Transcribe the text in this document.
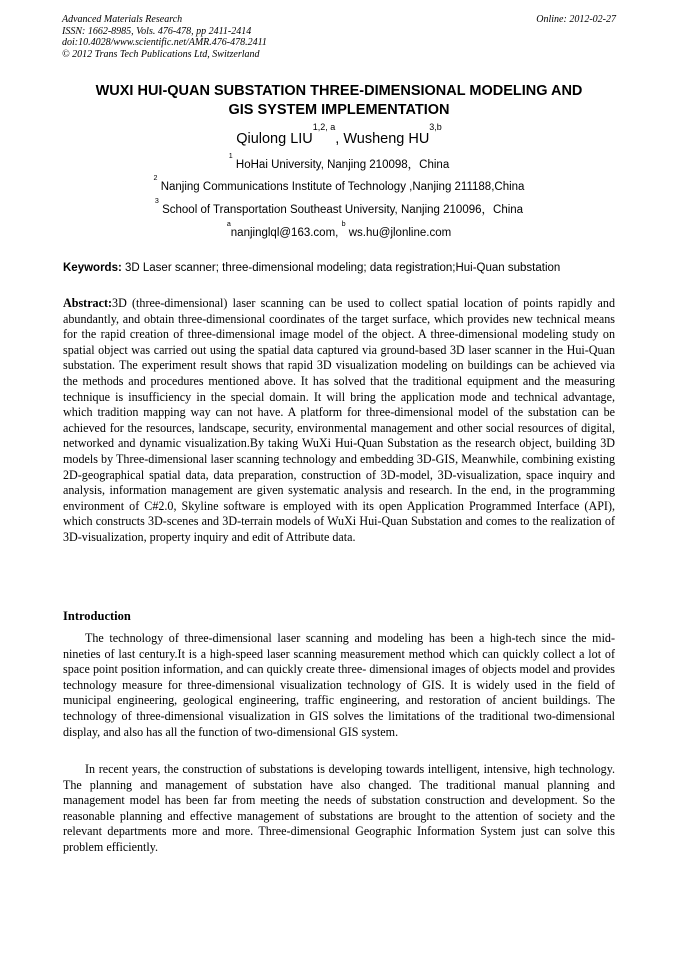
Advanced Materials Research
ISSN: 1662-8985, Vols. 476-478, pp 2411-2414
doi:10.4028/www.scientific.net/AMR.476-478.2411
© 2012 Trans Tech Publications Ltd, Switzerland
Online: 2012-02-27
WUXI HUI-QUAN SUBSTATION THREE-DIMENSIONAL MODELING AND
GIS SYSTEM IMPLEMENTATION
Qiulong LIU$^{1,2, a}$, Wusheng HU$^{3,b}$
$^1$ HoHai University, Nanjing 210098，China
$^2$ Nanjing Communications Institute of Technology ,Nanjing 211188,China
$^3$ School of Transportation Southeast University, Nanjing 210096，China
$^a$nanjinglql@163.com, $^b$ ws.hu@jlonline.com
Keywords: 3D Laser scanner; three-dimensional modeling; data registration;Hui-Quan substation
Abstract:3D (three-dimensional) laser scanning can be used to collect spatial location of points rapidly and abundantly, and obtain three-dimensional coordinates of the target surface, which provides new technical means for the rapid creation of three-dimensional image model of the object. A three-dimensional modeling study on spatial object was carried out using the spatial data captured via ground-based 3D laser scanner in the Hui-Quan substation. The experiment result shows that rapid 3D visualization modeling on buildings can be achieved via the methods and procedures mentioned above. It has solved that the traditional equipment and the measuring technique is insufficiency in the special domain. It will bring the application mode and technical advantage, which tradition mapping way can not have. A platform for three-dimensional model of the substation can be achieved for the resources, landscape, security, environmental management and other social resources of digital, networked and dynamic visualization.By taking WuXi Hui-Quan Substation as the research object, building 3D models by Three-dimensional laser scanning technology and embedding 3D-GIS, Meanwhile, combining existing 2D-geographical spatial data, data preparation, construction of 3D-model, 3D-visualization, space inquiry and analysis, information management are given systematic analysis and research. In the end, in the programming environment of C#2.0, Skyline software is employed with its open Application Programmed Interface (API), which constructs 3D-scenes and 3D-terrain models of WuXi Hui-Quan Substation and comes to the realization of 3D-visualization, property inquiry and edit of Attribute data.
Introduction

The technology of three-dimensional laser scanning and modeling has been a high-tech since the mid-nineties of last century.It is a high-speed laser scanning measurement method which can quickly collect a lot of space point position information, and can quickly create three- dimensional images of objects model and provides technology measure for three-dimensional visualization technology of GIS. It is widely used in the field of municipal engineering, geological engineering, traffic engineering, and restoration of ancient buildings. The technology of three-dimensional visualization in GIS solves the limitations of the traditional two-dimensional display, and also has all the function of two-dimensional GIS system.

In recent years, the construction of substations is developing towards intelligent, intensive, high technology. The planning and management of substation have also changed. The traditional manual planning and management model has been far from meeting the needs of substation construction and development. So the reasonable planning and effective management of substations are brought to the attention of society and the relevant departments more and more. Three-dimensional Geographic Information System just can solve this problem efficiently.
